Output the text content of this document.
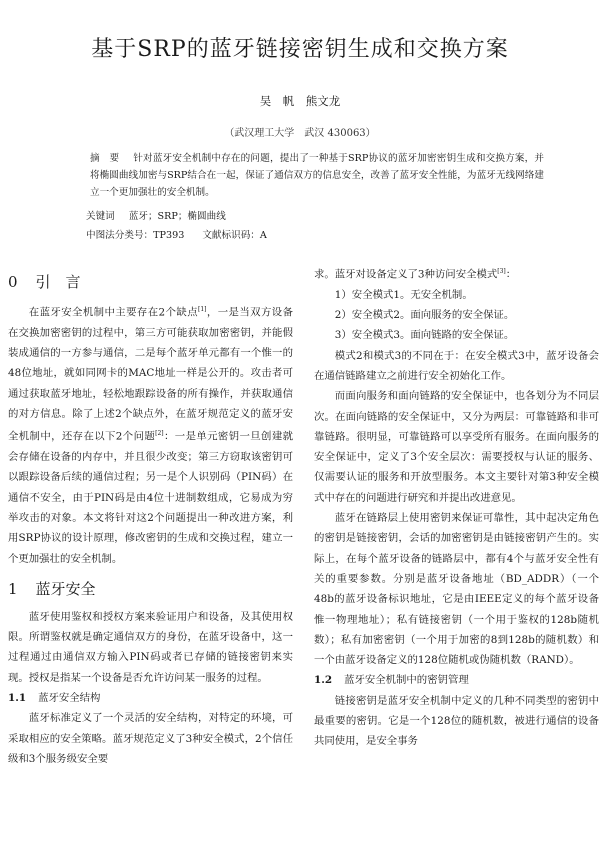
基于SRP的蓝牙链接密钥生成和交换方案
吴　帆　熊文龙
（武汉理工大学　武汉 430063）
摘　要 针对蓝牙安全机制中存在的问题，提出了一种基于SRP协议的蓝牙加密密钥生成和交换方案，并将椭圆曲线加密与SRP结合在一起，保证了通信双方的信息安全，改善了蓝牙安全性能，为蓝牙无线网络建立一个更加强壮的安全机制。
关键词 蓝牙；SRP；椭圆曲线
中图法分类号：TP393 文献标识码：A
0 引　言

在蓝牙安全机制中主要存在2个缺点[1]，一是当双方设备在交换加密密钥的过程中，第三方可能获取加密密钥，并能假装成通信的一方参与通信，二是每个蓝牙单元都有一个惟一的48位地址，就如同网卡的MAC地址一样是公开的。攻击者可通过获取蓝牙地址，轻松地跟踪设备的所有操作，并获取通信的对方信息。除了上述2个缺点外，在蓝牙规范定义的蓝牙安全机制中，还存在以下2个问题[2]：一是单元密钥一旦创建就会存储在设备的内存中，并且很少改变；第三方窃取该密钥可以跟踪设备后续的通信过程；另一是个人识别码（PIN码）在通信不安全，由于PIN码是由4位十进制数组成，它易成为穷举攻击的对象。本文将针对这2个问题提出一种改进方案，利用SRP协议的设计原理，修改密钥的生成和交换过程，建立一个更加强壮的安全机制。

1 蓝牙安全

蓝牙使用鉴权和授权方案来验证用户和设备，及其使用权限。所谓鉴权就是确定通信双方的身份，在蓝牙设备中，这一过程通过由通信双方输入PIN码或者已存储的链接密钥来实现。授权是指某一个设备是否允许访问某一服务的过程。

1.1 蓝牙安全结构

蓝牙标准定义了一个灵活的安全结构，对特定的环境，可采取相应的安全策略。蓝牙规范定义了3种安全模式，2个信任级和3个服务级安全要

求。蓝牙对设备定义了3种访问安全模式[3]：

1）安全模式1。无安全机制。
2）安全模式2。面向服务的安全保证。
3）安全模式3。面向链路的安全保证。

模式2和模式3的不同在于：在安全模式3中，蓝牙设备会在通信链路建立之前进行安全初始化工作。

而面向服务和面向链路的安全保证中，也各划分为不同层次。在面向链路的安全保证中，又分为两层：可靠链路和非可靠链路。很明显，可靠链路可以享受所有服务。在面向服务的安全保证中，定义了3个安全层次：需要授权与认证的服务、仅需要认证的服务和开放型服务。本文主要针对第3种安全模式中存在的问题进行研究和并提出改进意见。

蓝牙在链路层上使用密钥来保证可靠性，其中起决定角色的密钥是链接密钥，会话的加密密钥是由链接密钥产生的。实际上，在每个蓝牙设备的链路层中，都有4个与蓝牙安全性有关的重要参数。分别是蓝牙设备地址（BD_ADDR）（一个48b的蓝牙设备标识地址，它是由IEEE定义的每个蓝牙设备惟一物理地址）；私有链接密钥（一个用于鉴权的128b随机数）；私有加密密钥（一个用于加密的8到128b的随机数）和一个由蓝牙设备定义的128位随机或伪随机数（RAND）。

1.2 蓝牙安全机制中的密钥管理

链接密钥是蓝牙安全机制中定义的几种不同类型的密钥中最重要的密钥。它是一个128位的随机数，被进行通信的设备共同使用，是安全事务
